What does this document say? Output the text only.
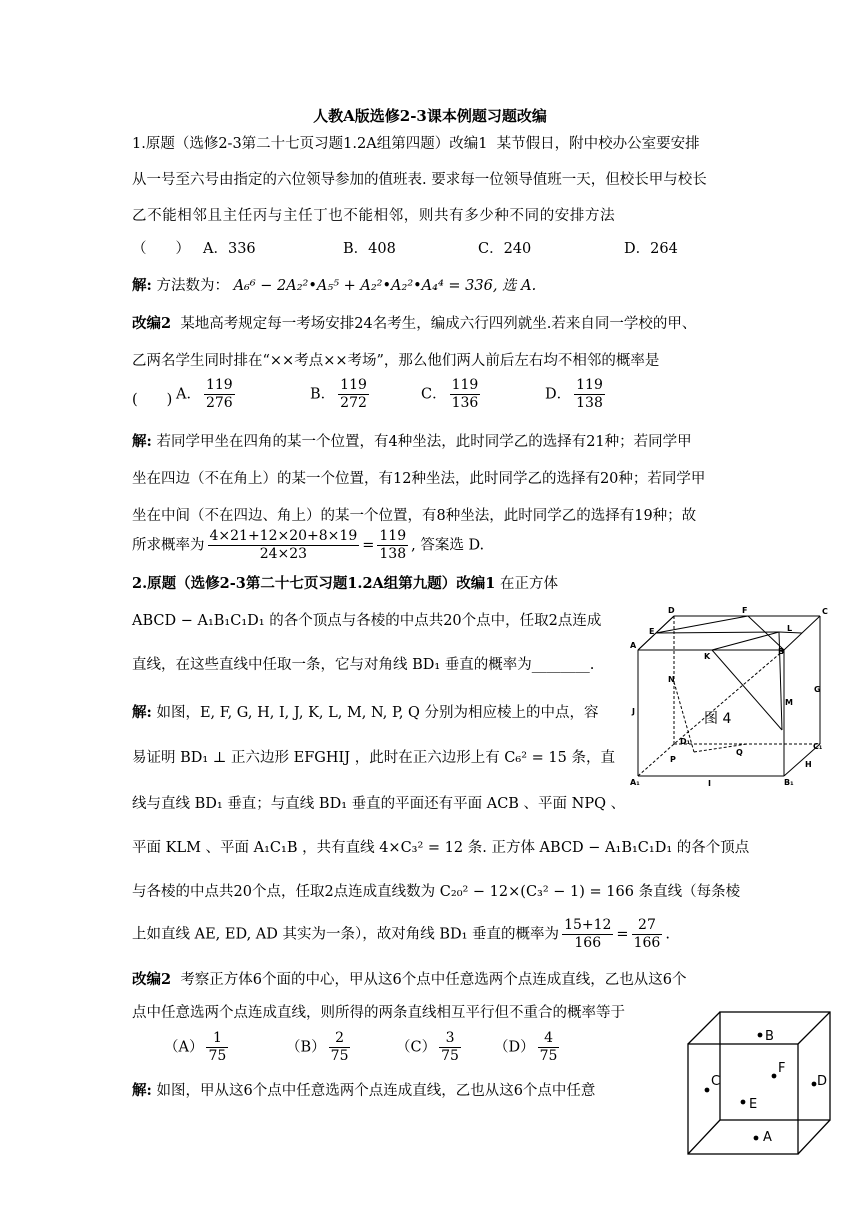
人教A版选修2-3课本例题习题改编
1.原题（选修2-3第二十七页习题1.2A组第四题）改编1 某节假日，附中校办公室要安排
从一号至六号由指定的六位领导参加的值班表. 要求每一位领导值班一天，但校长甲与校长
乙不能相邻且主任丙与主任丁也不能相邻，则共有多少种不同的安排方法
（　　） A．336	B．408	C．240	D．264
解: 方法数为： A₆⁶ − 2A₂²•A₅⁵ + A₂²•A₂²•A₄⁴ = 336, 选 A.
改编2 某地高考规定每一考场安排24名考生，编成六行四列就坐.若来自同一学校的甲、
乙两名学生同时排在“××考点××考场”，那么他们两人前后左右均不相邻的概率是
(　　) A． $\frac{119}{276}$	B． $\frac{119}{272}$	C． $\frac{119}{136}$	D． $\frac{119}{138}$
解: 若同学甲坐在四角的某一个位置，有4种坐法，此时同学乙的选择有21种；若同学甲
坐在四边（不在角上）的某一个位置，有12种坐法，此时同学乙的选择有20种；若同学甲
坐在中间（不在四边、角上）的某一个位置，有8种坐法，此时同学乙的选择有19种；故
所求概率为 $\frac{4\times 21+12\times 20+8\times 19}{24\times 23} = \frac{119}{138}$ , 答案选 D.
2.原题（选修2-3第二十七页习题1.2A组第九题）改编1 在正方体
ABCD − A₁B₁C₁D₁ 的各个顶点与各棱的中点共20个点中，任取2点连成
直线，在这些直线中任取一条，它与对角线 BD₁ 垂直的概率为________.
解: 如图，E, F, G, H, I, J, K, L, M, N, P, Q 分别为相应棱上的中点，容
易证明 BD₁ ⊥ 正六边形 EFGHIJ ，此时在正六边形上有 C₆² = 15 条，直
线与直线 BD₁ 垂直；与直线 BD₁ 垂直的平面还有平面 ACB 、平面 NPQ 、
平面 KLM 、平面 A₁C₁B ，共有直线 4×C₃² = 12 条. 正方体 ABCD − A₁B₁C₁D₁ 的各个顶点
与各棱的中点共20个点，任取2点连成直线数为 C₂₀² − 12×(C₃² − 1) = 166 条直线（每条棱
上如直线 AE, ED, AD 其实为一条），故对角线 BD₁ 垂直的概率为 $\frac{15+12}{166} = \frac{27}{166}$ .
改编2 考察正方体6个面的中心，甲从这6个点中任意选两个点连成直线，乙也从这6个
点中任意选两个点连成直线，则所得的两条直线相互平行但不重合的概率等于
$(A) \frac{1}{75}$	$(B) \frac{2}{75}$	$(C) \frac{3}{75} (D) \frac{4}{75}$
解: 如图，甲从这6个点中任意选两个点连成直线，乙也从这6个点中任意
D	F	C
A
E	L
K
B
N
G
J
M
D₁
Q
C₁
P
H
A₁	I	B₁
图 4
B
F
C	D
E
A
